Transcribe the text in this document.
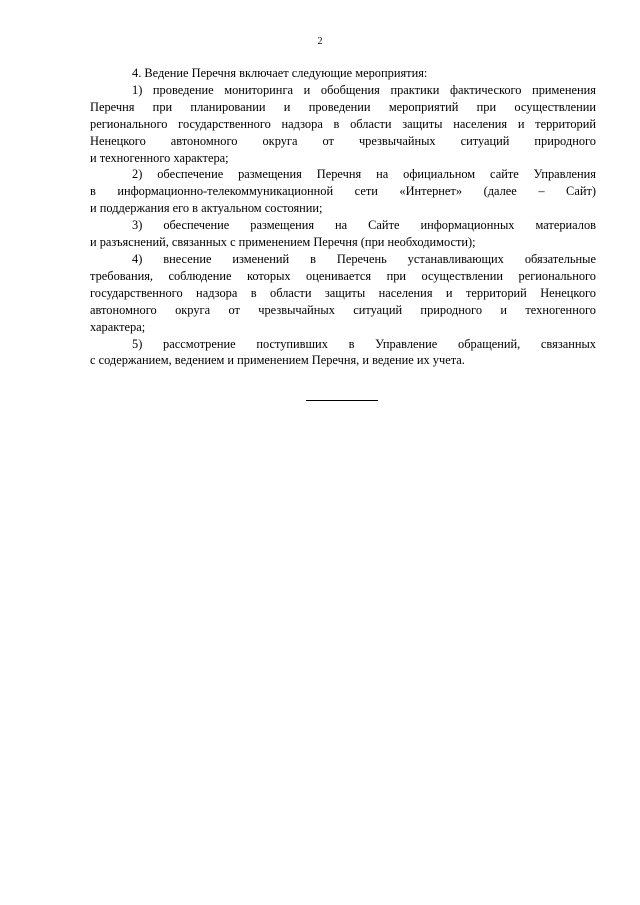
2
4. Ведение Перечня включает следующие мероприятия:
1) проведение мониторинга и обобщения практики фактического применения
Перечня при планировании и проведении мероприятий при осуществлении
регионального государственного надзора в области защиты населения и территорий
Ненецкого автономного округа от чрезвычайных ситуаций природного
и техногенного характера;
2) обеспечение размещения Перечня на официальном сайте Управления
в информационно-телекоммуникационной сети «Интернет» (далее – Сайт)
и поддержания его в актуальном состоянии;
3) обеспечение размещения на Сайте информационных материалов
и разъяснений, связанных с применением Перечня (при необходимости);
4) внесение изменений в Перечень устанавливающих обязательные
требования, соблюдение которых оценивается при осуществлении регионального
государственного надзора в области защиты населения и территорий Ненецкого
автономного округа от чрезвычайных ситуаций природного и техногенного
характера;
5) рассмотрение поступивших в Управление обращений, связанных
с содержанием, ведением и применением Перечня, и ведение их учета.
